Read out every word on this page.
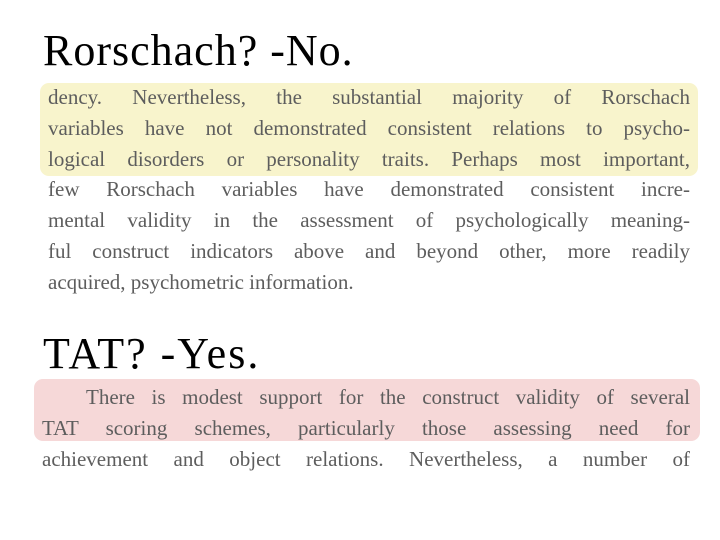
Rorschach? -No.

dency. Nevertheless, the substantial majority of Rorschach
variables have not demonstrated consistent relations to psycho-
logical disorders or personality traits. Perhaps most important,
few Rorschach variables have demonstrated consistent incre-
mental validity in the assessment of psychologically meaning-
ful construct indicators above and beyond other, more readily
acquired, psychometric information.

TAT? -Yes.

There is modest support for the construct validity of several
TAT scoring schemes, particularly those assessing need for
achievement and object relations. Nevertheless, a number of
